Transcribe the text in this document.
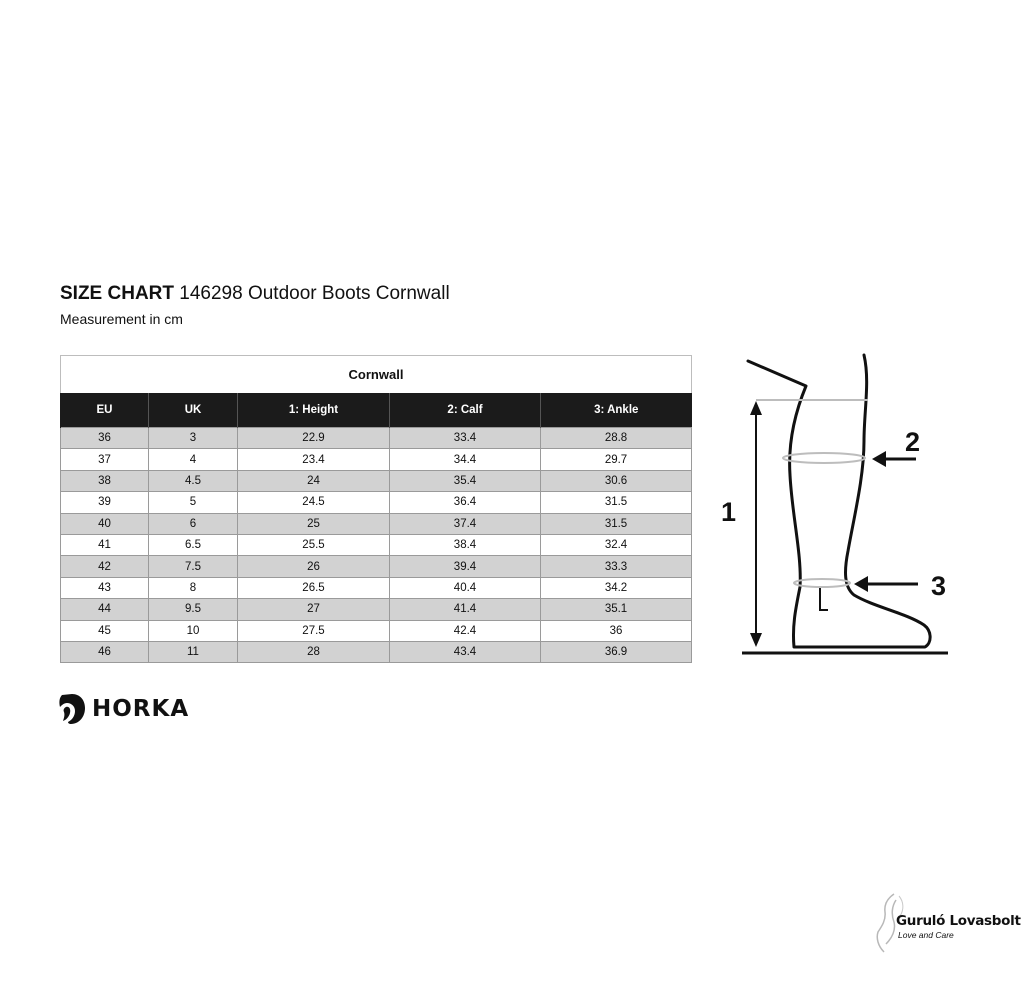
SIZE CHART 146298 Outdoor Boots Cornwall
Measurement in cm
Cornwall				
EU	UK	1: Height	2: Calf	3: Ankle
36	3	22.9	33.4	28.8
37	4	23.4	34.4	29.7
38	4.5	24	35.4	30.6
39	5	24.5	36.4	31.5
40	6	25	37.4	31.5
41	6.5	25.5	38.4	32.4
42	7.5	26	39.4	33.3
43	8	26.5	40.4	34.2
44	9.5	27	41.4	35.1
45	10	27.5	42.4	36
46	11	28	43.4	36.9
HORKA
1
2
3
Guruló Lovasbolt
Love and Care
